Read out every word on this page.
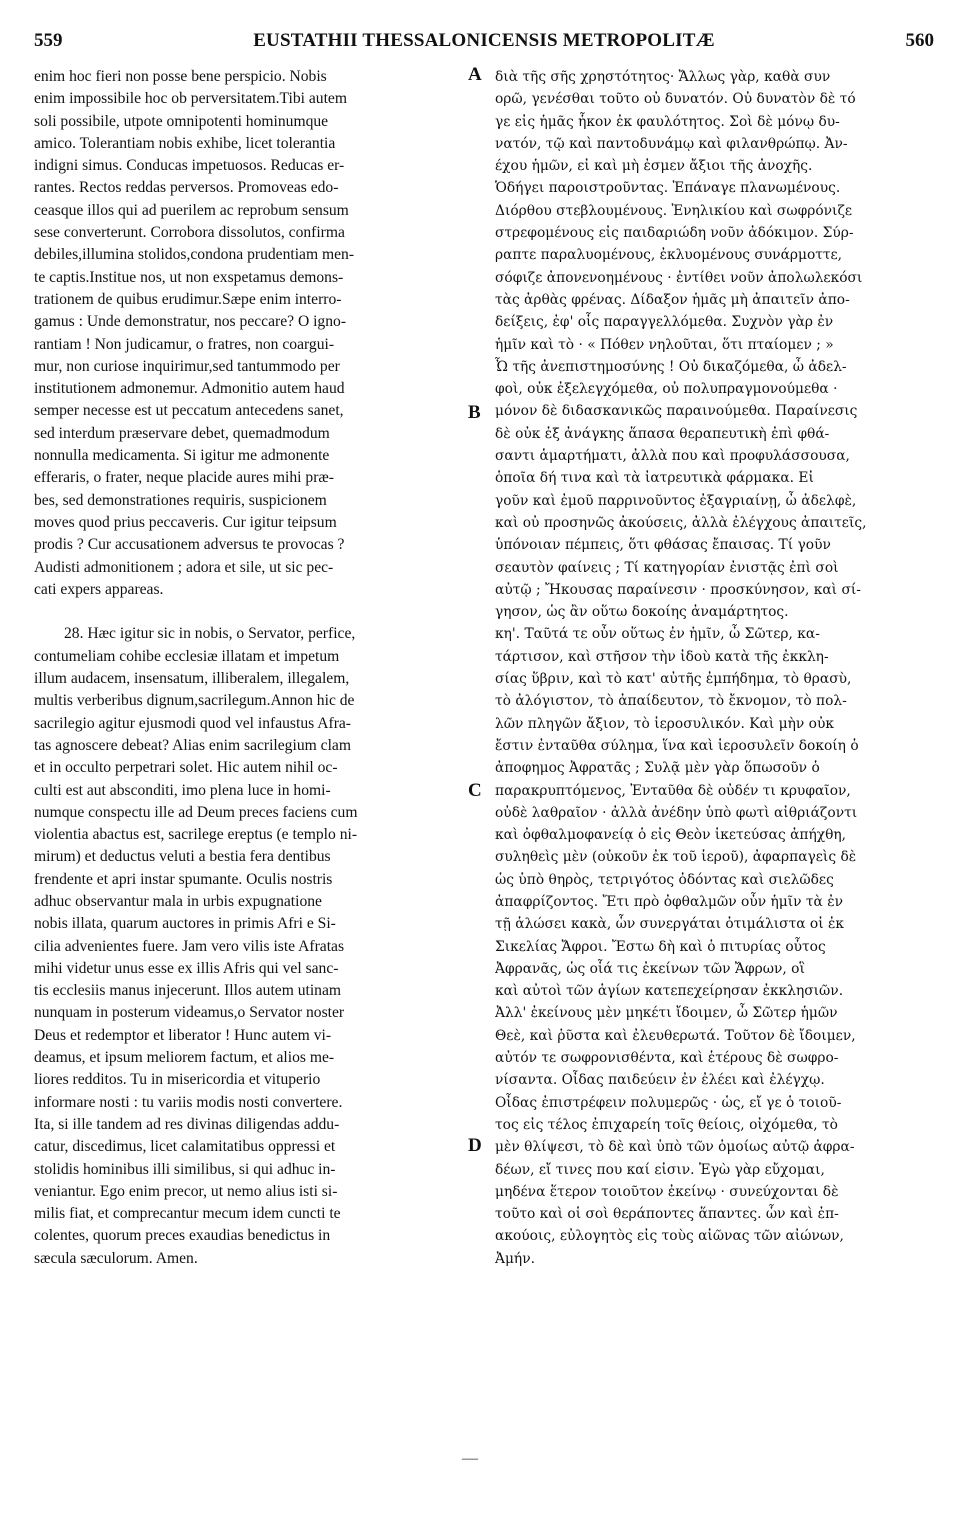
559	EUSTATHII THESSALONICENSIS METROPOLITÆ	560
enim hoc fieri non posse bene perspicio. Nobis
enim impossibile hoc ob perversitatem.Tibi autem
soli possibile, utpote omnipotenti hominumque
amico. Tolerantiam nobis exhibe, licet tolerantia
indigni simus. Conducas impetuosos. Reducas er-
rantes. Rectos reddas perversos. Promoveas edo-
ceasque illos qui ad puerilem ac reprobum sensum
sese converterunt. Corrobora dissolutos, confirma
debiles,illumina stolidos,condona prudentiam men-
te captis.Institue nos, ut non exspetamus demons-
trationem de quibus erudimur.Sæpe enim interro-
gamus : Unde demonstratur, nos peccare? O igno-
rantiam ! Non judicamur, o fratres, non coargui-
mur, non curiose inquirimur,sed tantummodo per
institutionem admonemur. Admonitio autem haud
semper necesse est ut peccatum antecedens sanet,
sed interdum præservare debet, quemadmodum
nonnulla medicamenta. Si igitur me admonente
efferaris, o frater, neque placide aures mihi præ-
bes, sed demonstrationes requiris, suspicionem
moves quod prius peccaveris. Cur igitur teipsum
prodis ? Cur accusationem adversus te provocas ?
Audisti admonitionem ; adora et sile, ut sic pec-
cati expers appareas.
28. Hæc igitur sic in nobis, o Servator, perfice,
contumeliam cohibe ecclesiæ illatam et impetum
illum audacem, insensatum, illiberalem, illegalem,
multis verberibus dignum,sacrilegum.Annon hic de
sacrilegio agitur ejusmodi quod vel infaustus Afra-
tas agnoscere debeat? Alias enim sacrilegium clam
et in occulto perpetrari solet. Hic autem nihil oc-
culti est aut absconditi, imo plena luce in homi-
numque conspectu ille ad Deum preces faciens cum
violentia abactus est, sacrilege ereptus (e templo ni-
mirum) et deductus veluti a bestia fera dentibus
frendente et apri instar spumante. Oculis nostris
adhuc observantur mala in urbis expugnatione
nobis illata, quarum auctores in primis Afri e Si-
cilia advenientes fuere. Jam vero vilis iste Afratas
mihi videtur unus esse ex illis Afris qui vel sanc-
tis ecclesiis manus injecerunt. Illos autem utinam
nunquam in posterum videamus,o Servator noster
Deus et redemptor et liberator ! Hunc autem vi-
deamus, et ipsum meliorem factum, et alios me-
liores redditos. Tu in misericordia et vituperio
informare nosti : tu variis modis nosti convertere.
Ita, si ille tandem ad res divinas diligendas addu-
catur, discedimus, licet calamitatibus oppressi et
stolidis hominibus illi similibus, si qui adhuc in-
veniantur. Ego enim precor, ut nemo alius isti si-
milis fiat, et comprecantur mecum idem cuncti te
colentes, quorum preces exaudias benedictus in
sæcula sæculorum. Amen.
διὰ τῆς σῆς χρηστότητος· Ἄλλως γὰρ, καθὰ συν
ορῶ, γενέσθαι τοῦτο οὐ δυνατόν. Οὐ δυνατὸν δὲ τό
γε εἰς ἡμᾶς ἧκον ἐκ φαυλότητος. Σοὶ δὲ μόνῳ δυ-
νατόν, τῷ καὶ παντοδυνάμῳ καὶ φιλανθρώπῳ. Ἀν-
έχου ἡμῶν, εἰ καὶ μὴ ἐσμεν ἄξιοι τῆς ἀνοχῆς.
Ὁδήγει παροιστροῦντας. Ἐπάναγε πλανωμένους.
Διόρθου στεβλουμένους. Ἐνηλικίου καὶ σωφρόνιζε
στρεφομένους εἰς παιδαριώδη νοῦν ἀδόκιμον. Σύρ-
ραπτε παραλυομένους, ἐκλυομένους συνάρμοττε,
σόφιζε ἀπονενοημένους · ἐντίθει νοῦν ἀπολωλεκόσι
τὰς ἀρθὰς φρένας. Δίδαξον ἡμᾶς μὴ ἀπαιτεῖν ἀπο-
δείξεις, ἐφ' οἷς παραγγελλόμεθα. Συχνὸν γὰρ ἐν
ἡμῖν καὶ τὸ · « Πόθεν νηλοῦται, ὅτι πταίομεν ; »
Ὦ τῆς ἀνεπιστημοσύνης ! Οὐ δικαζόμεθα, ὦ ἀδελ-
φοὶ, οὐκ ἐξελεγχόμεθα, οὐ πολυπραγμονούμεθα ·
μόνον δὲ διδασκανικῶς παραινούμεθα. Παραίνεσις
δὲ οὐκ ἐξ ἀνάγκης ἅπασα θεραπευτικὴ ἐπὶ φθά-
σαντι ἁμαρτήματι, ἀλλὰ που καὶ προφυλάσσουσα,
ὁποῖα δή τινα καὶ τὰ ἰατρευτικὰ φάρμακα. Εἰ
γοῦν καὶ ἐμοῦ παρρινοῦντος ἐξαγριαίνῃ, ὦ ἀδελφὲ,
καὶ οὐ προσηνῶς ἀκούσεις, ἀλλὰ ἐλέγχους ἀπαιτεῖς,
ὑπόνοιαν πέμπεις, ὅτι φθάσας ἔπαισας. Τί γοῦν
σεαυτὸν φαίνεις ; Τί κατηγορίαν ἐνιστᾷς ἐπὶ σοὶ
αὐτῷ ; Ἤκουσας παραίνεσιν · προσκύνησον, καὶ σί-
γησον, ὡς ἂν οὕτω δοκοίης ἀναμάρτητος.
κη'. Ταῦτά τε οὖν οὕτως ἐν ἡμῖν, ὦ Σῶτερ, κα-
τάρτισον, καὶ στῆσον τὴν ἰδοὺ κατὰ τῆς ἐκκλη-
σίας ὕβριν, καὶ τὸ κατ' αὐτῆς ἐμπήδημα, τὸ θρασὺ,
τὸ ἀλόγιστον, τὸ ἀπαίδευτον, τὸ ἔκνομον, τὸ πολ-
λῶν πληγῶν ἄξιον, τὸ ἱεροσυλικόν. Καὶ μὴν οὐκ
ἔστιν ἐνταῦθα σύλημα, ἵνα καὶ ἱεροσυλεῖν δοκοίη ὁ
ἀποφημος Ἀφρατᾶς ; Συλᾷ μὲν γὰρ ὅπωσοῦν ὁ
παρακρυπτόμενος, Ἐνταῦθα δὲ οὐδέν τι κρυφαῖον,
οὐδὲ λαθραῖον · ἀλλὰ ἀνέδην ὑπὸ φωτὶ αἰθριάζοντι
καὶ ὀφθαλμοφανείᾳ ὁ εἰς Θεὸν ἱκετεύσας ἀπήχθη,
συληθεὶς μὲν (οὐκοῦν ἐκ τοῦ ἱεροῦ), ἀφαρπαγεὶς δὲ
ὡς ὑπὸ θηρὸς, τετριγότος ὀδόντας καὶ σιελῶδες
ἀπαφρίζοντος. Ἔτι πρὸ ὀφθαλμῶν οὖν ἡμῖν τὰ ἐν
τῇ ἁλώσει κακὰ, ὧν συνεργάται ὁτιμάλιστα οἱ ἐκ
Σικελίας Ἄφροι. Ἔστω δὴ καὶ ὁ πιτυρίας οὗτος
Ἀφρανᾶς, ὡς οἷά τις ἐκείνων τῶν Ἄφρων, οἳ
καὶ αὐτοὶ τῶν ἁγίων κατεπεχείρησαν ἐκκλησιῶν.
Ἀλλ' ἐκείνους μὲν μηκέτι ἴδοιμεν, ὦ Σῶτερ ἡμῶν
Θεὲ, καὶ ῥῦστα καὶ ἐλευθερωτά. Τοῦτον δὲ ἴδοιμεν,
αὐτόν τε σωφρονισθέντα, καὶ ἑτέρους δὲ σωφρο-
νίσαντα. Οἶδας παιδεύειν ἐν ἐλέει καὶ ἐλέγχῳ.
Οἶδας ἐπιστρέφειν πολυμερῶς · ὡς, εἴ γε ὁ τοιοῦ-
τος εἰς τέλος ἐπιχαρείη τοῖς θείοις, οἰχόμεθα, τὸ
μὲν θλίψεσι, τὸ δὲ καὶ ὑπὸ τῶν ὁμοίως αὐτῷ ἀφρα-
δέων, εἴ τινες που καί εἰσιν. Ἐγὼ γὰρ εὔχομαι,
μηδένα ἕτερον τοιοῦτον ἐκείνῳ · συνεύχονται δὲ
τοῦτο καὶ οἱ σοὶ θεράποντες ἅπαντες. ὧν καὶ ἐπ-
ακούοις, εὐλογητὸς εἰς τοὺς αἰῶνας τῶν αἰώνων,
Ἀμήν.
A
B
C
D
—
